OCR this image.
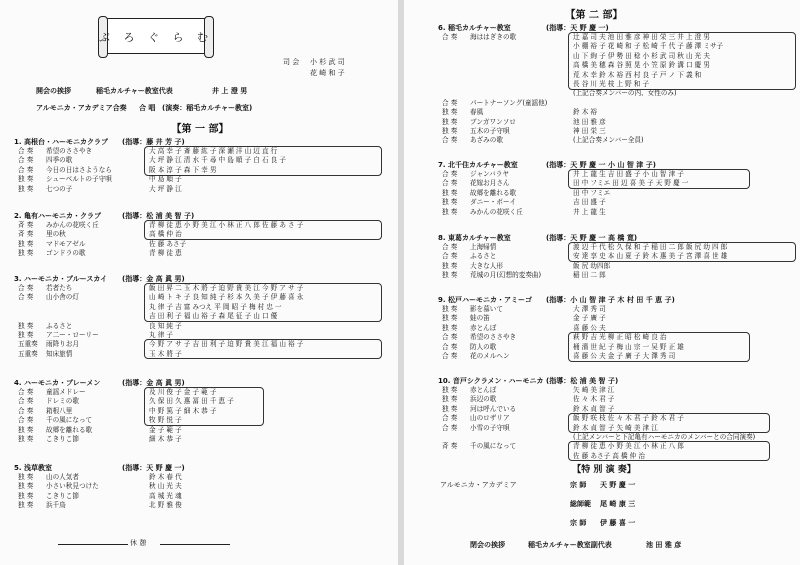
ぷ ろ ぐ ら む
司 会 小 杉 武 司
花 崎 和 子
開会の挨拶	稲毛カルチャー教室代表	井 上 澄 男
アルモニカ・アカデミア合奏 合 唱 (演奏：稲毛カルチャー教室)
【第 一 部】
1. 高根台・ハーモニカクラブ (指導：藤 井 芳 子)
合 奏	希望のささやき	大 高 幸 子 斎 藤 紘 子 深 瀬 洋 山 辺 直 行
合 奏	四季の歌	大 坪 静 江 清 水 千 尋 中 島 順 子 白 石 良 子
合 奏	今日の日はさようなら	阪 本 淳 子 森 下 幸 男
独 奏	シューベルトの子守唄	中 島 順 子
独 奏	七つの子	大 坪 静 江
2. 亀有ハーモニカ・クラブ	(指導：松 浦 美 智 子)
斉 奏	みかんの花咲く丘	青 柳 徒 恵 小 野 美 江 小 林 正 八 郎 佐 藤 あ さ 子
斉 奏	里の秋	高 橋 仲 治
独 奏	マドモアゼル	佐 藤 あさ子
独 奏	ゴンドラの歌	青 柳 徒 恵
3. ハーモニカ・ブルースカイ (指導：金 高 眞 男)
合 奏	若者たち	飯 田 昇 二 玉 木 將 子 迫 野 貴 美 江 今 野 ア サ 子
合 奏	山小舎の灯	山 崎 ト キ 子 良 知 純 子 杉 本 久 美 子 伊 藤 喜 永
丸 律 子 吉 富 みつえ 平 岡 昭 子 梅 村 忠 一
吉 田 利 子 福 山 裕 子 森 尾 征 子 山 口 優
独 奏	ふるさと	良 知 純 子
独 奏	ア二ー・ローリー	丸 律 子
五重奏	雨降りお月	今 野 ア サ 子 吉 田 利 子 迫 野 貴 美 江 福 山 裕 子
五重奏	知床旅情	玉 木 將 子
4. ハーモニカ・ブレーメン	(指導：金 高 眞 男)
合 奏	童謡メドレー	及 川 俊 子 金 子 範 子
合 奏	ドレミの歌	久 保 田 久 惠 冨 田 千 恵 子
合 奏	箱根八里	中 野 篤 子 細 木 恭 子
合 奏	千の風になって	牧 野 悦 子
独 奏	故郷を離れる歌	金 子 範 子
独 奏	こきりこ節	細 木 恭 子
5. 浅草教室	(指導：天 野 慶 一)
独 奏	山の人気者	鈴 木 春 代
独 奏	小さい秋見つけた	秋 山 光 夫
独 奏	こきりこ節	高 城 光 魂
独 奏	浜千鳥	北 野 雅 俊
休 憩
【第 二 部】
6. 稲毛カルチャー教室	(指導：天 野 慶 一)
合 奏	海ははぎきの歌	辻 嘉 司 夫 池 田 雅 彦 神 田 栄 三 井 上 澄 男
小 棚 裕 子 花 崎 和 子 松 崎 千 代 子 藤 澤 ミサ子
山 下 絢 子 伊 勢 田 稔 小 杉 武 司 秋 山 光 夫
高 橋 美 穂 森 谷 照 晃 小 笠 原 鈴 溝 口 慶 男
荒 木 幸 鈴 木 裕 西 村 良 子 戸 ノ 下 義 和
長 谷 川 光 枝 上 野 和 子
(上記合奏メンバーの内、女性のみ)
合 奏	パートナーソング(童謡他)
独 奏	春風	鈴 木 裕
独 奏	ブンガワンソロ	池 田 雅 彦
独 奏	五木の子守唄	神 田 栄 三
合 奏	あざみの歌	(上記合奏メンバー全員)
7. 北千住カルチャー教室	(指導：天 野 慶 一 小 山 智 津 子)
合 奏	ジャンバラヤ	井 上 龍 生 吉 田 盛 子 小 山 智 津 子
合 奏	花嫁お月さん	田 中 フミエ 田 辺 喜 美 子 天 野 慶 一
独 奏	故郷を離れる歌	田 中 フミエ
独 奏	ダニー・ボーイ	吉 田 盛 子
独 奏	みかんの花咲く丘	井 上 龍 生
8. 東葛カルチャー教室	(指導：天 野 慶 一 高 橋 寛)
合 奏	上海帰情	渡 辺 千 代 松 久 保 和 子 稲 田 二 郎 飯 尻 幼 四 郎
合 奏	ふるさと	安 達 享 史 本 山 夏 子 鈴 木 惠 美 子 宮 澤 喜 世 雄
独 奏	大きな人形	飯 尻 幼四郎
独 奏	荒城の月(幻想的変奏曲)	稲 田 二 郎
9. 松戸ハーモニカ・アミーゴ (指導：小 山 智 津 子 木 村 田 千 恵 子)
独 奏	影を慕いて	大 澤 秀 司
独 奏	蛙の笛	金 子 廣 子
独 奏	赤とんぼ	喜 藤 公 夫
合 奏	希望のささやき	萩 野 吉 光 柳 正 昭 松 崎 良 治
合 奏	防人の歌	桶 濱 世 紀 子 梅 山 宗 一 吴 野 正 雄
合 奏	花のメルヘン	喜 藤 公 夫 金 子 廣 子 大 澤 秀 司
10. 音戸シクラメン・ハーモニカ (指導：松 浦 美 智 子)
独 奏	赤とんぼ	矢 崎 美 津 江
独 奏	浜辺の歌	佐 々 木 君 子
独 奏	河は呼んでいる	鈴 木 貞 智 子
合 奏	山のロザリア	飯 野 咲 枝 佐 々 木 君 子 鈴 木 君 子
合 奏	小雪の子守唄	鈴 木 貞 智 子 矢 崎 美 津 江
(上記メンバーと下記亀有ハーモニカのメンバーとの合同演奏)
斉 奏	千の風になって	青 柳 徒 恵 小 野 美 江 小 林 正 八 郎
佐 藤 あさ子 高 橋 仲 治
【特 別 演 奏】
アルモニカ・アカデミア	宗 師 天 野 慶 一
総師範 尾 崎 康 三
宗 師 伊 藤 喜 一
閉会の挨拶	稲毛カルチャー教室副代表	池 田 雅 彦
